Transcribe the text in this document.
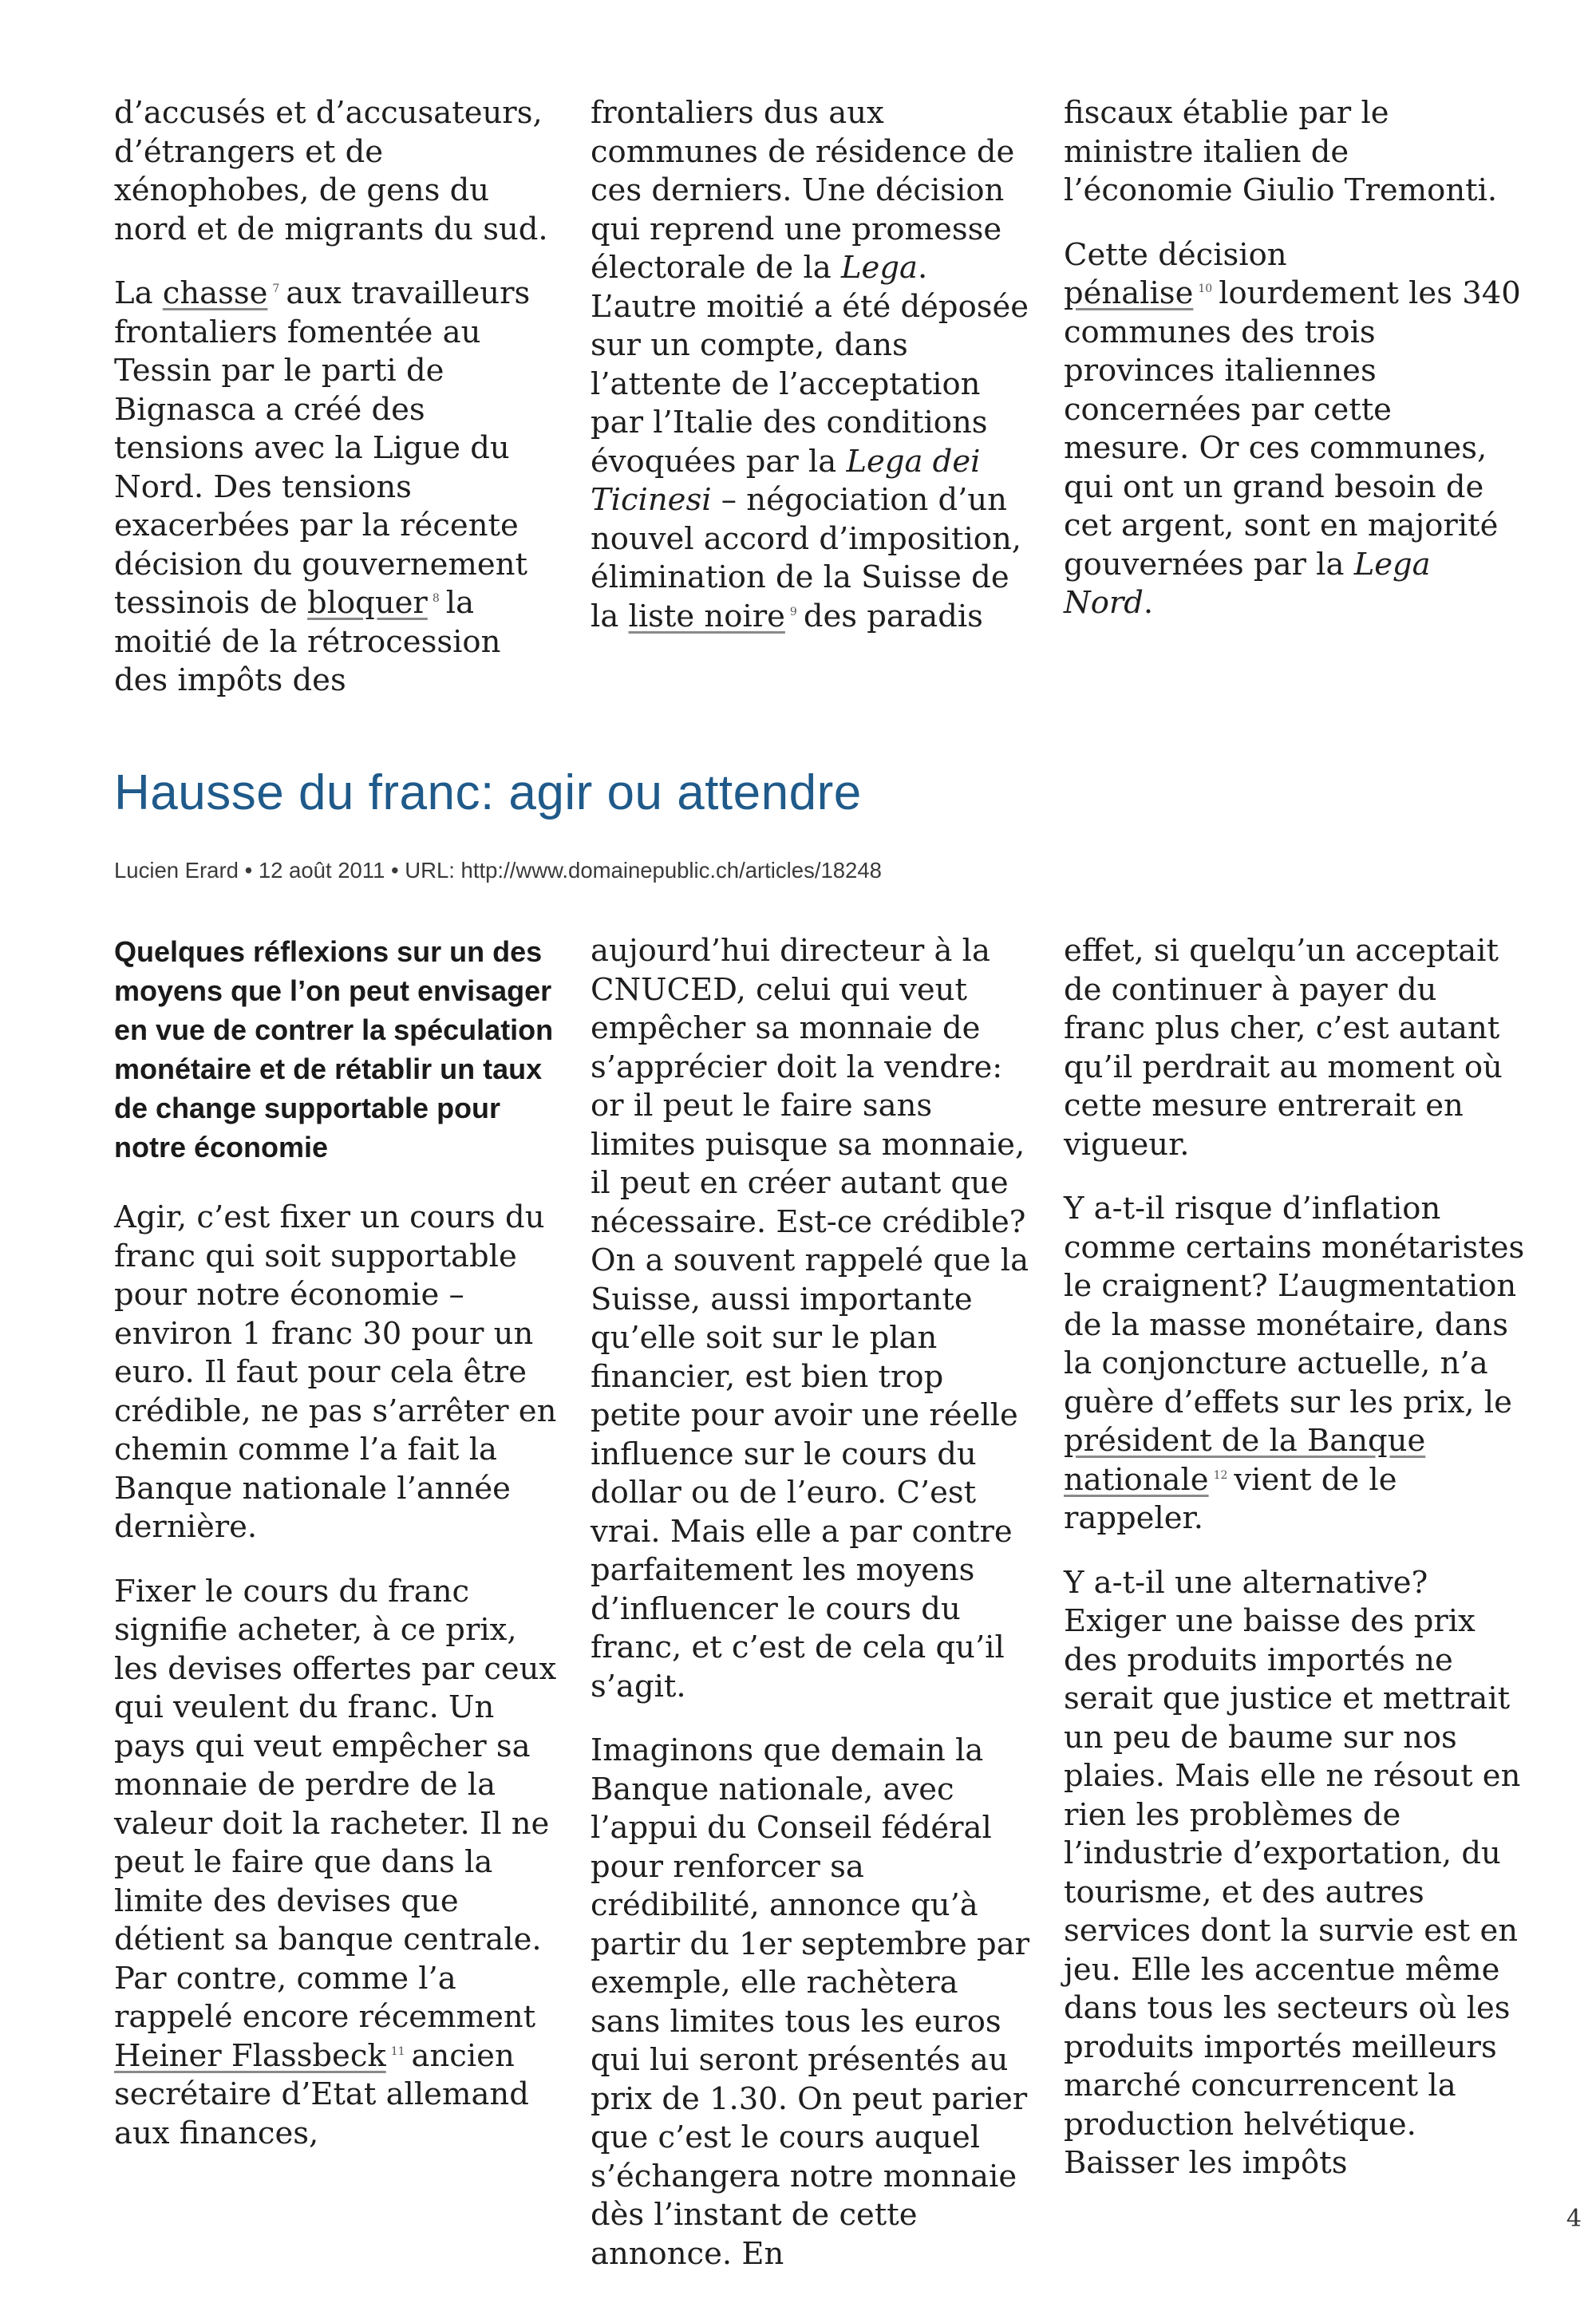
d’accusés et d’accusateurs, d’étrangers et de xénophobes, de gens du nord et de migrants du sud.

La chasse $^7$ aux travailleurs frontaliers fomentée au Tessin par le parti de Bignasca a créé des tensions avec la Ligue du Nord. Des tensions exacerbées par la récente décision du gouvernement tessinois de bloquer $^8$ la moitié de la rétrocession des impôts des

frontaliers dus aux communes de résidence de ces derniers. Une décision qui reprend une promesse électorale de la Lega. L’autre moitié a été déposée sur un compte, dans l’attente de l’acceptation par l’Italie des conditions évoquées par la Lega dei Ticinesi – négociation d’un nouvel accord d’imposition, élimination de la Suisse de la liste noire $^9$ des paradis

fiscaux établie par le ministre italien de l’économie Giulio Tremonti.

Cette décision pénalise $^{10}$ lourdement les 340 communes des trois provinces italiennes concernées par cette mesure. Or ces communes, qui ont un grand besoin de cet argent, sont en majorité gouvernées par la Lega Nord.

Hausse du franc: agir ou attendre
Lucien Erard • 12 août 2011 • URL: http://www.domainepublic.ch/articles/18248

Quelques réflexions sur un des moyens que l’on peut envisager en vue de contrer la spéculation monétaire et de rétablir un taux de change supportable pour notre économie

Agir, c’est fixer un cours du franc qui soit supportable pour notre économie – environ 1 franc 30 pour un euro. Il faut pour cela être crédible, ne pas s’arrêter en chemin comme l’a fait la Banque nationale l’année dernière.

Fixer le cours du franc signifie acheter, à ce prix, les devises offertes par ceux qui veulent du franc. Un pays qui veut empêcher sa monnaie de perdre de la valeur doit la racheter. Il ne peut le faire que dans la limite des devises que détient sa banque centrale. Par contre, comme l’a rappelé encore récemment Heiner Flassbeck $^{11}$ ancien secrétaire d’Etat allemand aux finances,

aujourd’hui directeur à la CNUCED, celui qui veut empêcher sa monnaie de s’apprécier doit la vendre: or il peut le faire sans limites puisque sa monnaie, il peut en créer autant que nécessaire. Est-ce crédible? On a souvent rappelé que la Suisse, aussi importante qu’elle soit sur le plan financier, est bien trop petite pour avoir une réelle influence sur le cours du dollar ou de l’euro. C’est vrai. Mais elle a par contre parfaitement les moyens d’influencer le cours du franc, et c’est de cela qu’il s’agit.

Imaginons que demain la Banque nationale, avec l’appui du Conseil fédéral pour renforcer sa crédibilité, annonce qu’à partir du 1er septembre par exemple, elle rachètera sans limites tous les euros qui lui seront présentés au prix de 1.30. On peut parier que c’est le cours auquel s’échangera notre monnaie dès l’instant de cette annonce. En

effet, si quelqu’un acceptait de continuer à payer du franc plus cher, c’est autant qu’il perdrait au moment où cette mesure entrerait en vigueur.

Y a-t-il risque d’inflation comme certains monétaristes le craignent? L’augmentation de la masse monétaire, dans la conjoncture actuelle, n’a guère d’effets sur les prix, le président de la Banque nationale $^{12}$ vient de le rappeler.

Y a-t-il une alternative? Exiger une baisse des prix des produits importés ne serait que justice et mettrait un peu de baume sur nos plaies. Mais elle ne résout en rien les problèmes de l’industrie d’exportation, du tourisme, et des autres services dont la survie est en jeu. Elle les accentue même dans tous les secteurs où les produits importés meilleurs marché concurrencent la production helvétique. Baisser les impôts

4
